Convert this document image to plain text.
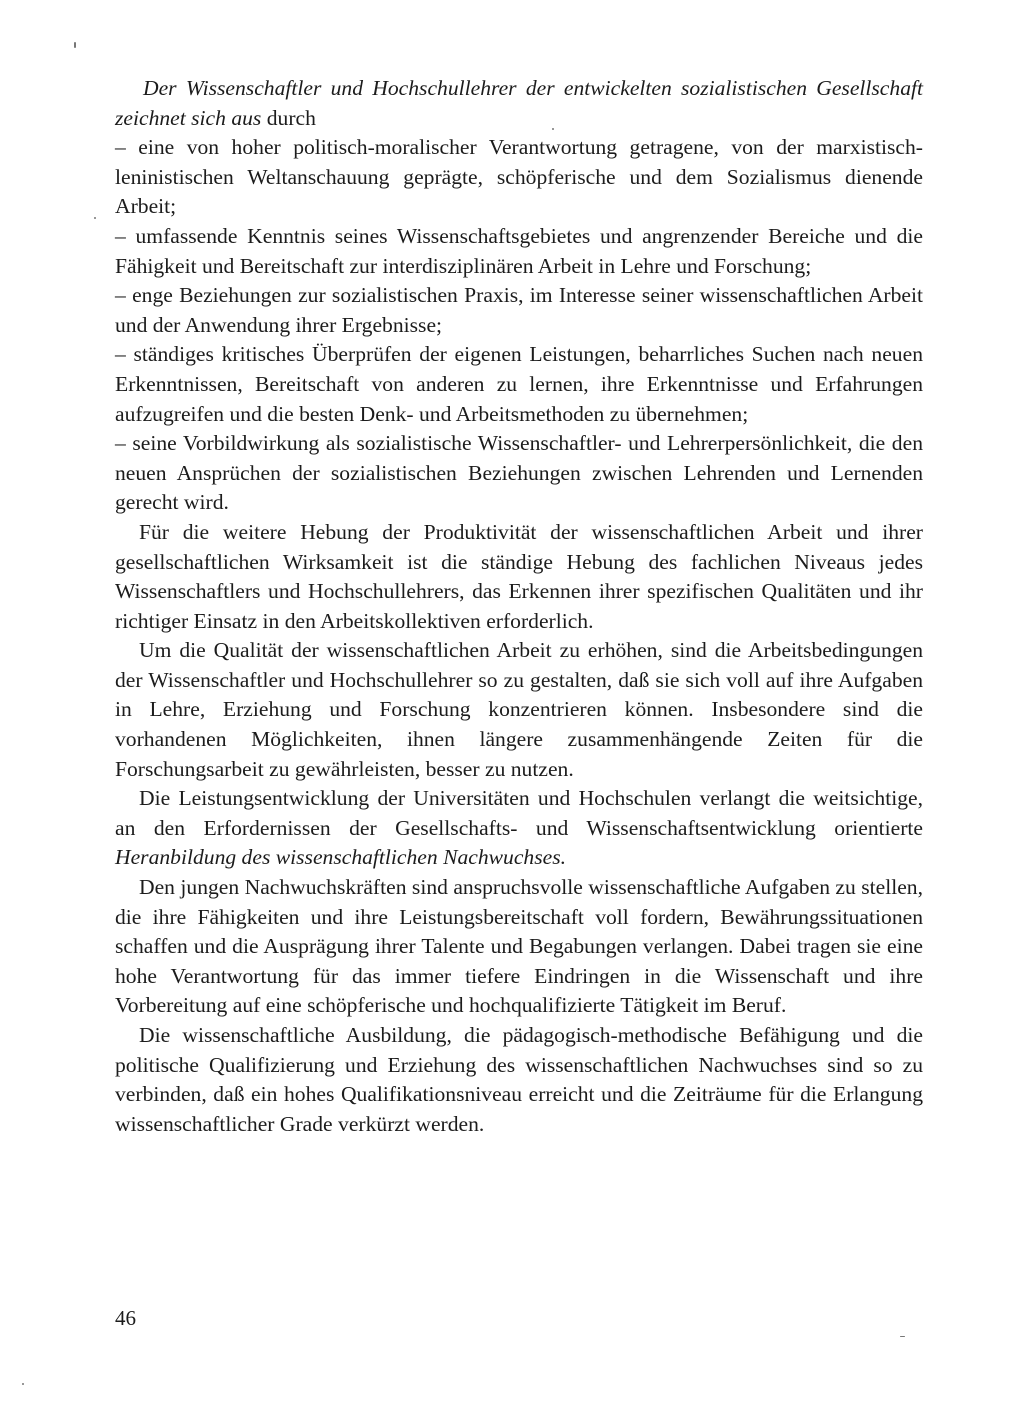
Der Wissenschaftler und Hochschullehrer der entwickelten sozialistischen Gesellschaft zeichnet sich aus durch

– eine von hoher politisch-moralischer Verantwortung getragene, von der marxistisch-leninistischen Weltanschauung geprägte, schöpferische und dem Sozialismus dienende Arbeit;

– umfassende Kenntnis seines Wissenschaftsgebietes und angrenzender Bereiche und die Fähigkeit und Bereitschaft zur interdisziplinären Arbeit in Lehre und Forschung;

– enge Beziehungen zur sozialistischen Praxis, im Interesse seiner wissenschaftlichen Arbeit und der Anwendung ihrer Ergebnisse;

– ständiges kritisches Überprüfen der eigenen Leistungen, beharrliches Suchen nach neuen Erkenntnissen, Bereitschaft von anderen zu lernen, ihre Erkenntnisse und Erfahrungen aufzugreifen und die besten Denk- und Arbeitsmethoden zu übernehmen;

– seine Vorbildwirkung als sozialistische Wissenschaftler- und Lehrerpersönlichkeit, die den neuen Ansprüchen der sozialistischen Beziehungen zwischen Lehrenden und Lernenden gerecht wird.

Für die weitere Hebung der Produktivität der wissenschaftlichen Arbeit und ihrer gesellschaftlichen Wirksamkeit ist die ständige Hebung des fachlichen Niveaus jedes Wissenschaftlers und Hochschullehrers, das Erkennen ihrer spezifischen Qualitäten und ihr richtiger Einsatz in den Arbeitskollektiven erforderlich.

Um die Qualität der wissenschaftlichen Arbeit zu erhöhen, sind die Arbeitsbedingungen der Wissenschaftler und Hochschullehrer so zu gestalten, daß sie sich voll auf ihre Aufgaben in Lehre, Erziehung und Forschung konzentrieren können. Insbesondere sind die vorhandenen Möglichkeiten, ihnen längere zusammenhängende Zeiten für die Forschungsarbeit zu gewährleisten, besser zu nutzen.

Die Leistungsentwicklung der Universitäten und Hochschulen verlangt die weitsichtige, an den Erfordernissen der Gesellschafts- und Wissenschaftsentwicklung orientierte Heranbildung des wissenschaftlichen Nachwuchses.

Den jungen Nachwuchskräften sind anspruchsvolle wissenschaftliche Aufgaben zu stellen, die ihre Fähigkeiten und ihre Leistungsbereitschaft voll fordern, Bewährungssituationen schaffen und die Ausprägung ihrer Talente und Begabungen verlangen. Dabei tragen sie eine hohe Verantwortung für das immer tiefere Eindringen in die Wissenschaft und ihre Vorbereitung auf eine schöpferische und hochqualifizierte Tätigkeit im Beruf.

Die wissenschaftliche Ausbildung, die pädagogisch-methodische Befähigung und die politische Qualifizierung und Erziehung des wissenschaftlichen Nachwuchses sind so zu verbinden, daß ein hohes Qualifikationsniveau erreicht und die Zeiträume für die Erlangung wissenschaftlicher Grade verkürzt werden.

46
